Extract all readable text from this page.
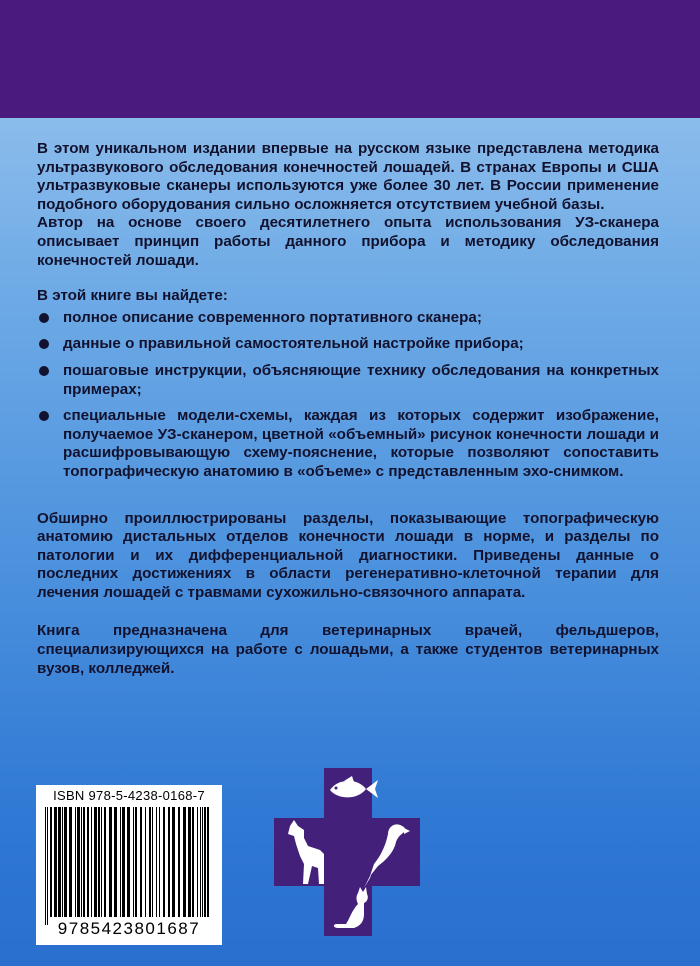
В этом уникальном издании впервые на русском языке представлена методика ультразвукового обследования конечностей лошадей. В странах Европы и США ультразвуковые сканеры используются уже более 30 лет. В России применение подобного оборудования сильно осложняется отсутствием учебной базы.

Автор на основе своего десятилетнего опыта использования УЗ-сканера описывает принцип работы данного прибора и методику обследования конечностей лошади.

В этой книге вы найдете:

полное описание современного портативного сканера;
данные о правильной самостоятельной настройке прибора;
пошаговые инструкции, объясняющие технику обследования на конкретных примерах;
специальные модели-схемы, каждая из которых содержит изображение, получаемое УЗ-сканером, цветной «объемный» рисунок конечности лошади и расшифровывающую схему-пояснение, которые позволяют сопоставить топографическую анатомию в «объеме» с представленным эхо-снимком.

Обширно проиллюстрированы разделы, показывающие топографическую анатомию дистальных отделов конечности лошади в норме, и разделы по патологии и их дифференциальной диагностики. Приведены данные о последних достижениях в области регенеративно-клеточной терапии для лечения лошадей с травмами сухожильно-связочного аппарата.

Книга предназначена для ветеринарных врачей, фельдшеров, специализирующихся на работе с лошадьми, а также студентов ветеринарных вузов, колледжей.

ISBN 978-5-4238-0168-7
9785423801687
